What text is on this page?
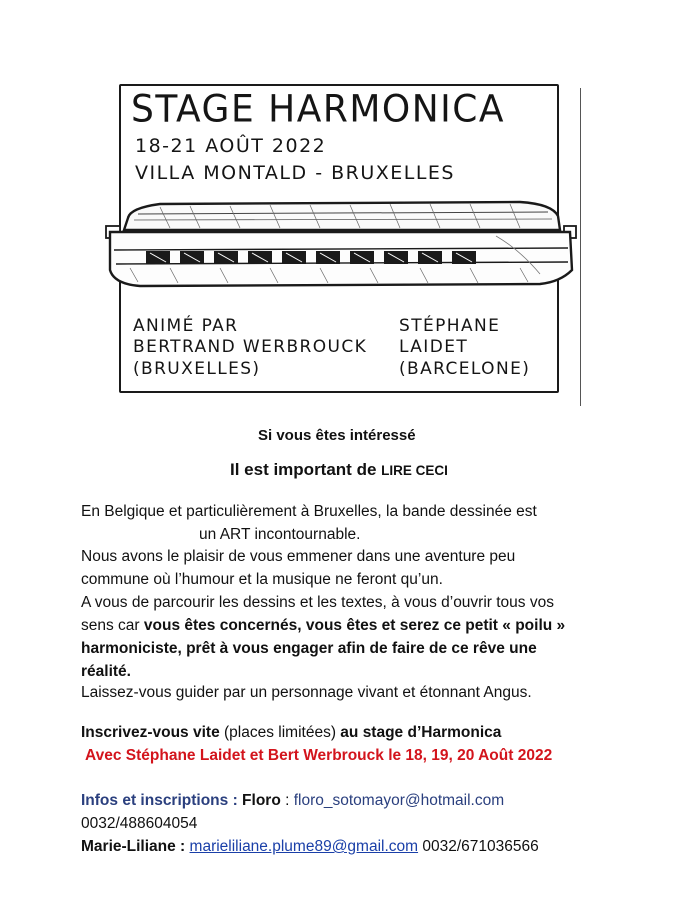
STAGE HARMONICA
18-21 AOÛT 2022
VILLA MONTALD - BRUXELLES
ANIMÉ PAR
BERTRAND WERBROUCK
(BRUXELLES)
STÉPHANE
LAIDET
(BARCELONE)
Si vous êtes intéressé
Il est important de LIRE CECI
En Belgique et particulièrement à Bruxelles, la bande dessinée est
un ART incontournable.
Nous avons le plaisir de vous emmener dans une aventure peu
commune où l’humour et la musique ne feront qu’un.
A vous de parcourir les dessins et les textes, à vous d’ouvrir tous vos
sens car vous êtes concernés, vous êtes et serez ce petit « poilu »
harmoniciste, prêt à vous engager afin de faire de ce rêve une
réalité.
Laissez-vous guider par un personnage vivant et étonnant Angus.
Inscrivez-vous vite (places limitées) au stage d’Harmonica
Avec Stéphane Laidet et Bert Werbrouck le 18, 19, 20 Août 2022
Infos et inscriptions : Floro : floro_sotomayor@hotmail.com
0032/488604054
Marie-Liliane : marieliliane.plume89@gmail.com 0032/671036566
